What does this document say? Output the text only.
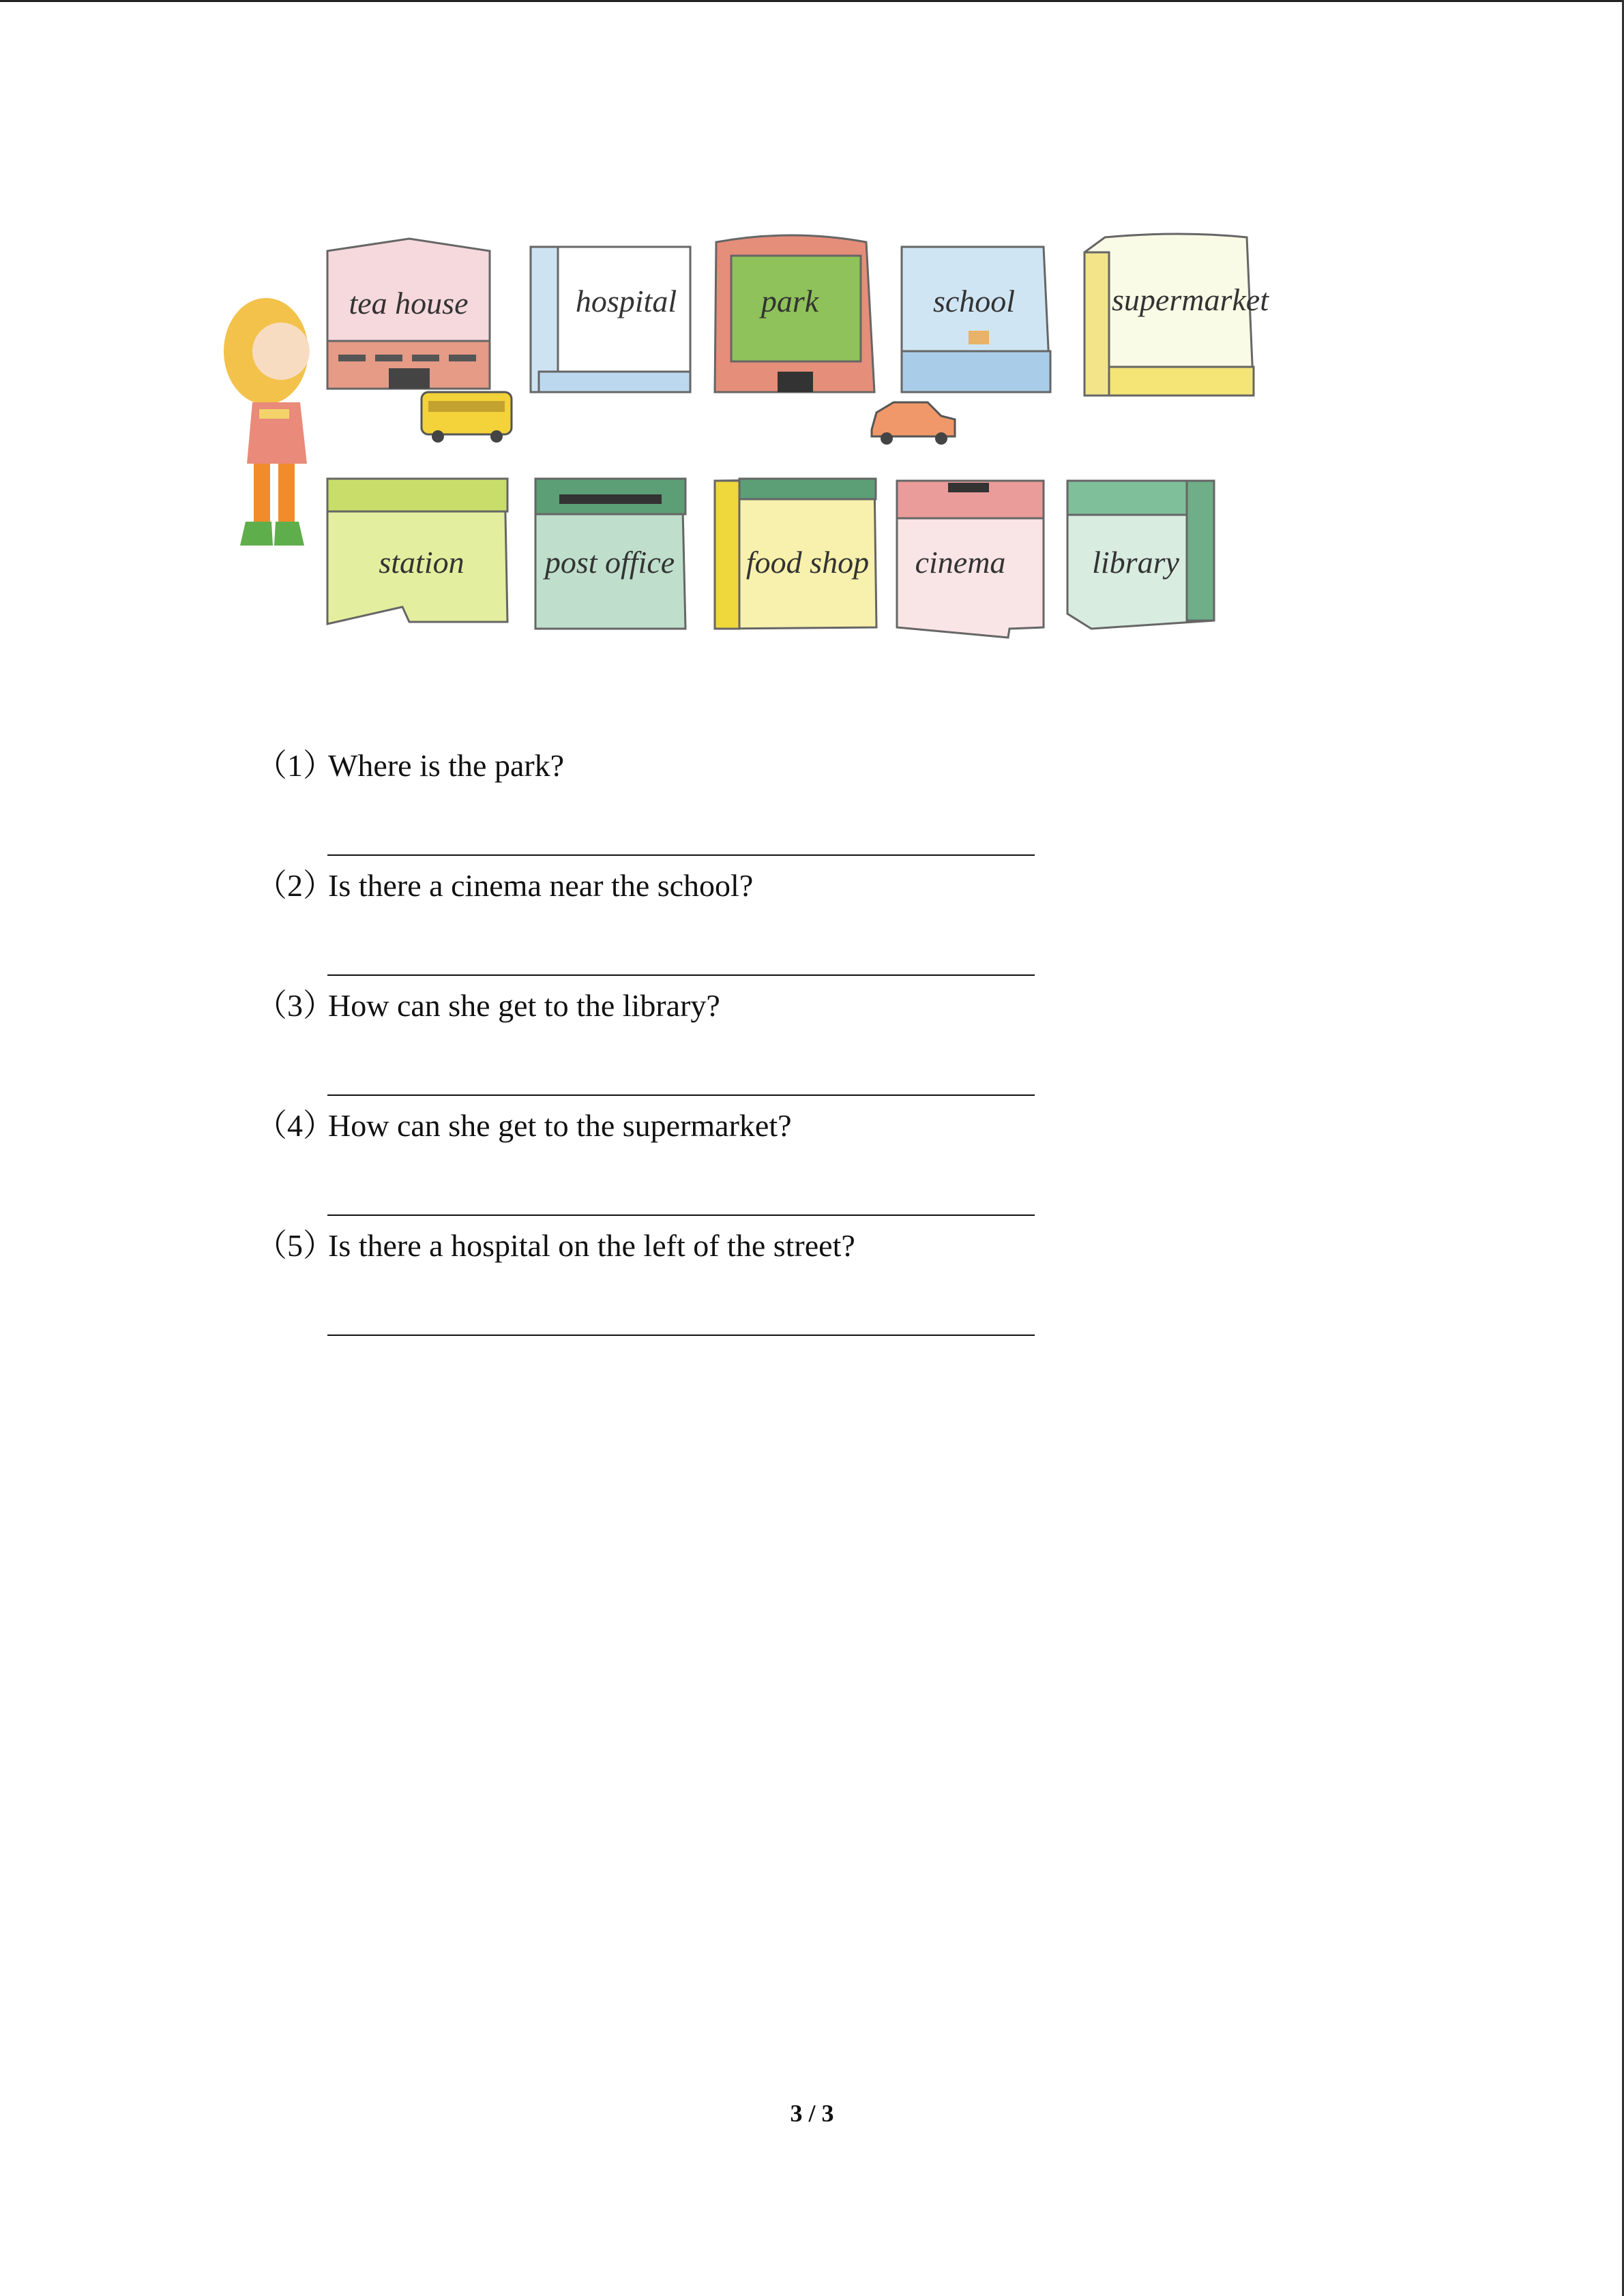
tea house	hospital	park	school	supermarket
station	post office food shop cinema	library
（1）Where is the park?
（2）Is there a cinema near the school?
（3）How can she get to the library?
（4）How can she get to the supermarket?
（5）Is there a hospital on the left of the street?
3 / 3
